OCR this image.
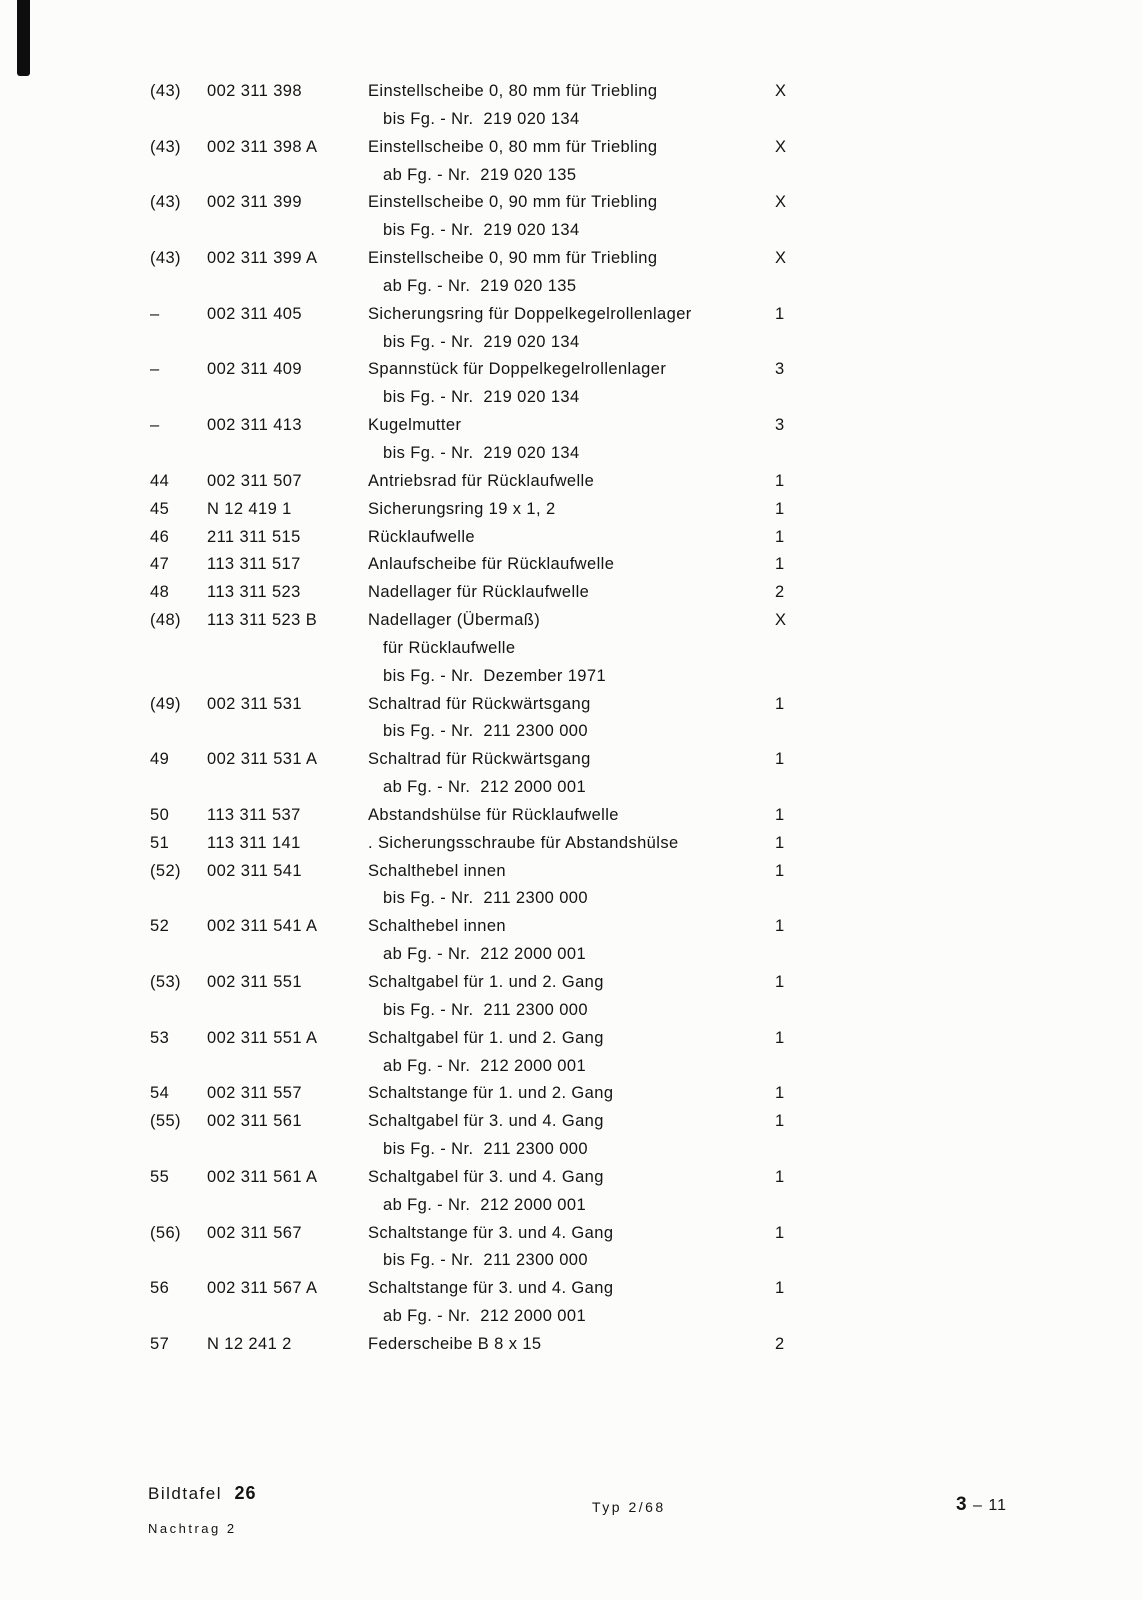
(43) 002 311 398	Einstellscheibe 0, 80 mm für Triebling	X
bis Fg. - Nr.  219 020 134
(43) 002 311 398 A	Einstellscheibe 0, 80 mm für Triebling	X
ab Fg. - Nr.  219 020 135
(43) 002 311 399	Einstellscheibe 0, 90 mm für Triebling	X
bis Fg. - Nr.  219 020 134
(43) 002 311 399 A	Einstellscheibe 0, 90 mm für Triebling	X
ab Fg. - Nr.  219 020 135
–	002 311 405	Sicherungsring für Doppelkegelrollenlager	1
bis Fg. - Nr.  219 020 134
–	002 311 409	Spannstück für Doppelkegelrollenlager	3
bis Fg. - Nr.  219 020 134
–	002 311 413	Kugelmutter	3
bis Fg. - Nr.  219 020 134
44 002 311 507	Antriebsrad für Rücklaufwelle	1
45 N 12 419 1	Sicherungsring 19 x 1, 2	1
46 211 311 515	Rücklaufwelle	1
47 113 311 517	Anlaufscheibe für Rücklaufwelle	1
48 113 311 523	Nadellager für Rücklaufwelle	2
(48) 113 311 523 B	Nadellager (Übermaß)	X
für Rücklaufwelle
bis Fg. - Nr.  Dezember 1971
(49) 002 311 531	Schaltrad für Rückwärtsgang	1
bis Fg. - Nr.  211 2300 000
49 002 311 531 A	Schaltrad für Rückwärtsgang	1
ab Fg. - Nr.  212 2000 001
50 113 311 537	Abstandshülse für Rücklaufwelle	1
51 113 311 141	. Sicherungsschraube für Abstandshülse	1
(52) 002 311 541	Schalthebel innen	1
bis Fg. - Nr.  211 2300 000
52 002 311 541 A	Schalthebel innen	1
ab Fg. - Nr.  212 2000 001
(53) 002 311 551	Schaltgabel für 1. und 2. Gang	1
bis Fg. - Nr.  211 2300 000
53 002 311 551 A	Schaltgabel für 1. und 2. Gang	1
ab Fg. - Nr.  212 2000 001
54 002 311 557	Schaltstange für 1. und 2. Gang	1
(55) 002 311 561	Schaltgabel für 3. und 4. Gang	1
bis Fg. - Nr.  211 2300 000
55 002 311 561 A	Schaltgabel für 3. und 4. Gang	1
ab Fg. - Nr.  212 2000 001
(56) 002 311 567	Schaltstange für 3. und 4. Gang	1
bis Fg. - Nr.  211 2300 000
56 002 311 567 A	Schaltstange für 3. und 4. Gang	1
ab Fg. - Nr.  212 2000 001
57 N 12 241 2	Federscheibe B 8 x 15	2
Bildtafel 26
Nachtrag 2
Typ 2/68	3 – 11
